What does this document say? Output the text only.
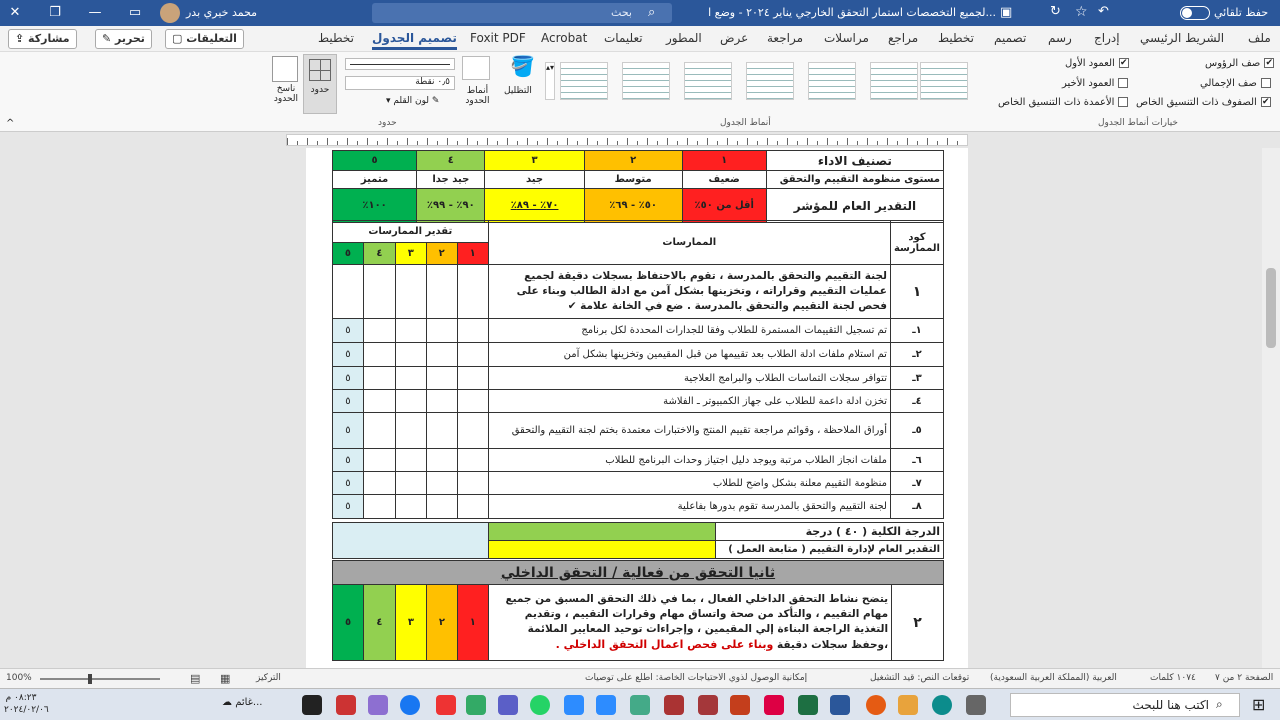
✕	❐	—	▭	محمد خيري بدر	بحث	⌕	لجميع التخصصات استمار التحقق الخارجي يناير ٢٠٢٤ - وضع ا... ▣	☆
↻	↶	حفظ تلقائي
⇪ مشاركة	✎ تحرير	▢ التعليقات	تخطيط تصميم الجدول Foxit PDF Acrobat تعليمات المطور عرض مراجعة مراسلات مراجع تخطيط تصميم رسم إدراج الشريط الرئيسي ملف
ناسخ الحدود
حدود
٠٫٥ نقطة
▾ لون القلم ✎
أنماط الحدود
🪣
التظليل
▴▾	صف الرؤوس ✔
العمود الأول ✔
صف الإجمالي
العمود الأخير
الصفوف ذات التنسيق الخاص ✔
الأعمدة ذات التنسيق الخاص
خيارات أنماط الجدول
أنماط الجدول
حدود
^
تصنيف الاداء	١	٢	٣	٤	٥
مستوى منظومة التقييم والتحقق	ضعيف	متوسط	جيد	جيد جدا	متميز
التقدير العام للمؤشر	أقل من ٥٠٪	٥٠٪ - ٦٩٪	٧٠٪ - ٨٩٪	٩٠٪ - ٩٩٪	١٠٠٪
كود الممارسة	الممارسات	تقدير الممارسات				
		١	٢	٣	٤	٥
١	لجنة التقييم والتحقق بالمدرسة ، تقوم بالاحتفاظ بسجلات دقيقة لجميع عمليات التقييم وقراراته ، وتخزينها بشكل آمن مع ادلة الطالب وبناء على فحص لجنة التقييم والتحقق بالمدرسة . ضع في الخانة علامة ✔					
١ـ	تم تسجيل التقييمات المستمرة للطلاب وفقا للجدارات المحددة لكل برنامج					٥
٢ـ	تم استلام ملفات ادلة الطلاب بعد تقييمها من قبل المقيمين وتخزينها بشكل آمن					٥
٣ـ	تتوافر سجلات التماسات الطلاب والبرامج العلاجية					٥
٤ـ	تخزن ادلة داعمة للطلاب على جهاز الكمبيوتر ـ الفلاشة					٥
٥ـ	أوراق الملاحظة ، وقوائم مراجعة تقييم المنتج والاختبارات معتمدة بختم لجنة التقييم والتحقق					٥
٦ـ	ملفات انجاز الطلاب مرتبة ويوجد دليل اجتياز وحدات البرنامج للطلاب					٥
٧ـ	منظومة التقييم معلنة بشكل واضح للطلاب					٥
٨ـ	لجنة التقييم والتحقق بالمدرسة تقوم بدورها بفاعلية					٥
الدرجة الكلية ( ٤٠ ) درجة		
التقدير العام لإدارة التقييم ( متابعة العمل )		
ثانيا التحقق من فعالية / التحقق الداخلي
٢	يتضح نشاط التحقق الداخلي الفعال ، بما في ذلك التحقق المسبق من جميع مهام التقييم ، والتأكد من صحة واتساق مهام وقرارات التقييم ، وتقديم التغذية الراجعة البناءة إلي المقيمين ، وإجراءات توحيد المعايير الملائمة ،وحفظ سجلات دقيقة وبناء على فحص اعمال التحقق الداخلي .	١	٢	٣	٤	٥
100%	▤ ▦	التركيز	إمكانية الوصول لذوي الاحتياجات الخاصة: اطلع على توصيات	توقعات النص: قيد التشغيل العربية (المملكة العربية السعودية)	١٠٧٤ كلمات الصفحة ٢ من ٧
٠٨:٢٣ م
٢٠٢٤/٠٢/٠٦
☁ غائم...	اكتب هنا للبحث ⌕ ⊞
